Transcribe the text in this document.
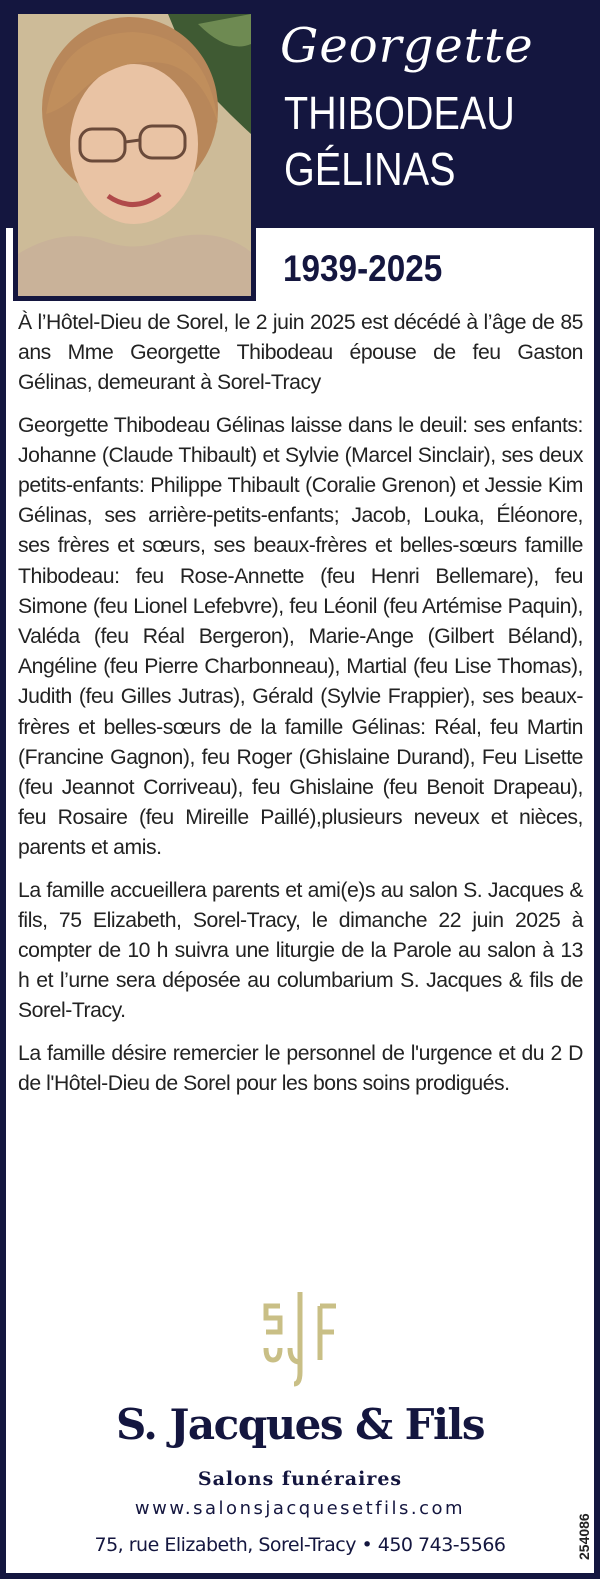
Georgette
THIBODEAU
GÉLINAS
1939-2025

À l’Hôtel-Dieu de Sorel, le 2 juin 2025 est décédé à l’âge de 85 ans Mme Georgette Thibodeau épouse de feu Gaston Gélinas, demeurant à Sorel-Tracy

Georgette Thibodeau Gélinas laisse dans le deuil: ses enfants: Johanne (Claude Thibault) et Sylvie (Marcel Sinclair), ses deux petits-enfants: Philippe Thibault (Coralie Grenon) et Jessie Kim Gélinas, ses arrière-petits-enfants; Jacob, Louka, Éléonore, ses frères et sœurs, ses beaux-frères et belles-sœurs famille Thibodeau: feu Rose-Annette (feu Henri Bellemare), feu Simone (feu Lionel Lefebvre), feu Léonil (feu Artémise Paquin), Valéda (feu Réal Bergeron), Marie-Ange (Gilbert Béland), Angéline (feu Pierre Charbonneau), Martial (feu Lise Thomas), Judith (feu Gilles Jutras), Gérald (Sylvie Frappier), ses beaux-frères et belles-sœurs de la famille Gélinas: Réal, feu Martin (Francine Gagnon), feu Roger (Ghislaine Durand), Feu Lisette (feu Jeannot Corriveau), feu Ghislaine (feu Benoit Drapeau), feu Rosaire (feu Mireille Paillé),plusieurs neveux et nièces, parents et amis.

La famille accueillera parents et ami(e)s au salon S. Jacques & fils, 75 Elizabeth, Sorel-Tracy, le dimanche 22 juin 2025 à compter de 10 h suivra une liturgie de la Parole au salon à 13 h et l’urne sera déposée au columbarium S. Jacques & fils de Sorel-Tracy.

La famille désire remercier le personnel de l'urgence et du 2 D de l'Hôtel-Dieu de Sorel pour les bons soins prodigués.

S. Jacques & Fils
Salons funéraires
www.salonsjacquesetfils.com
75, rue Elizabeth, Sorel-Tracy • 450 743-5566	254086
